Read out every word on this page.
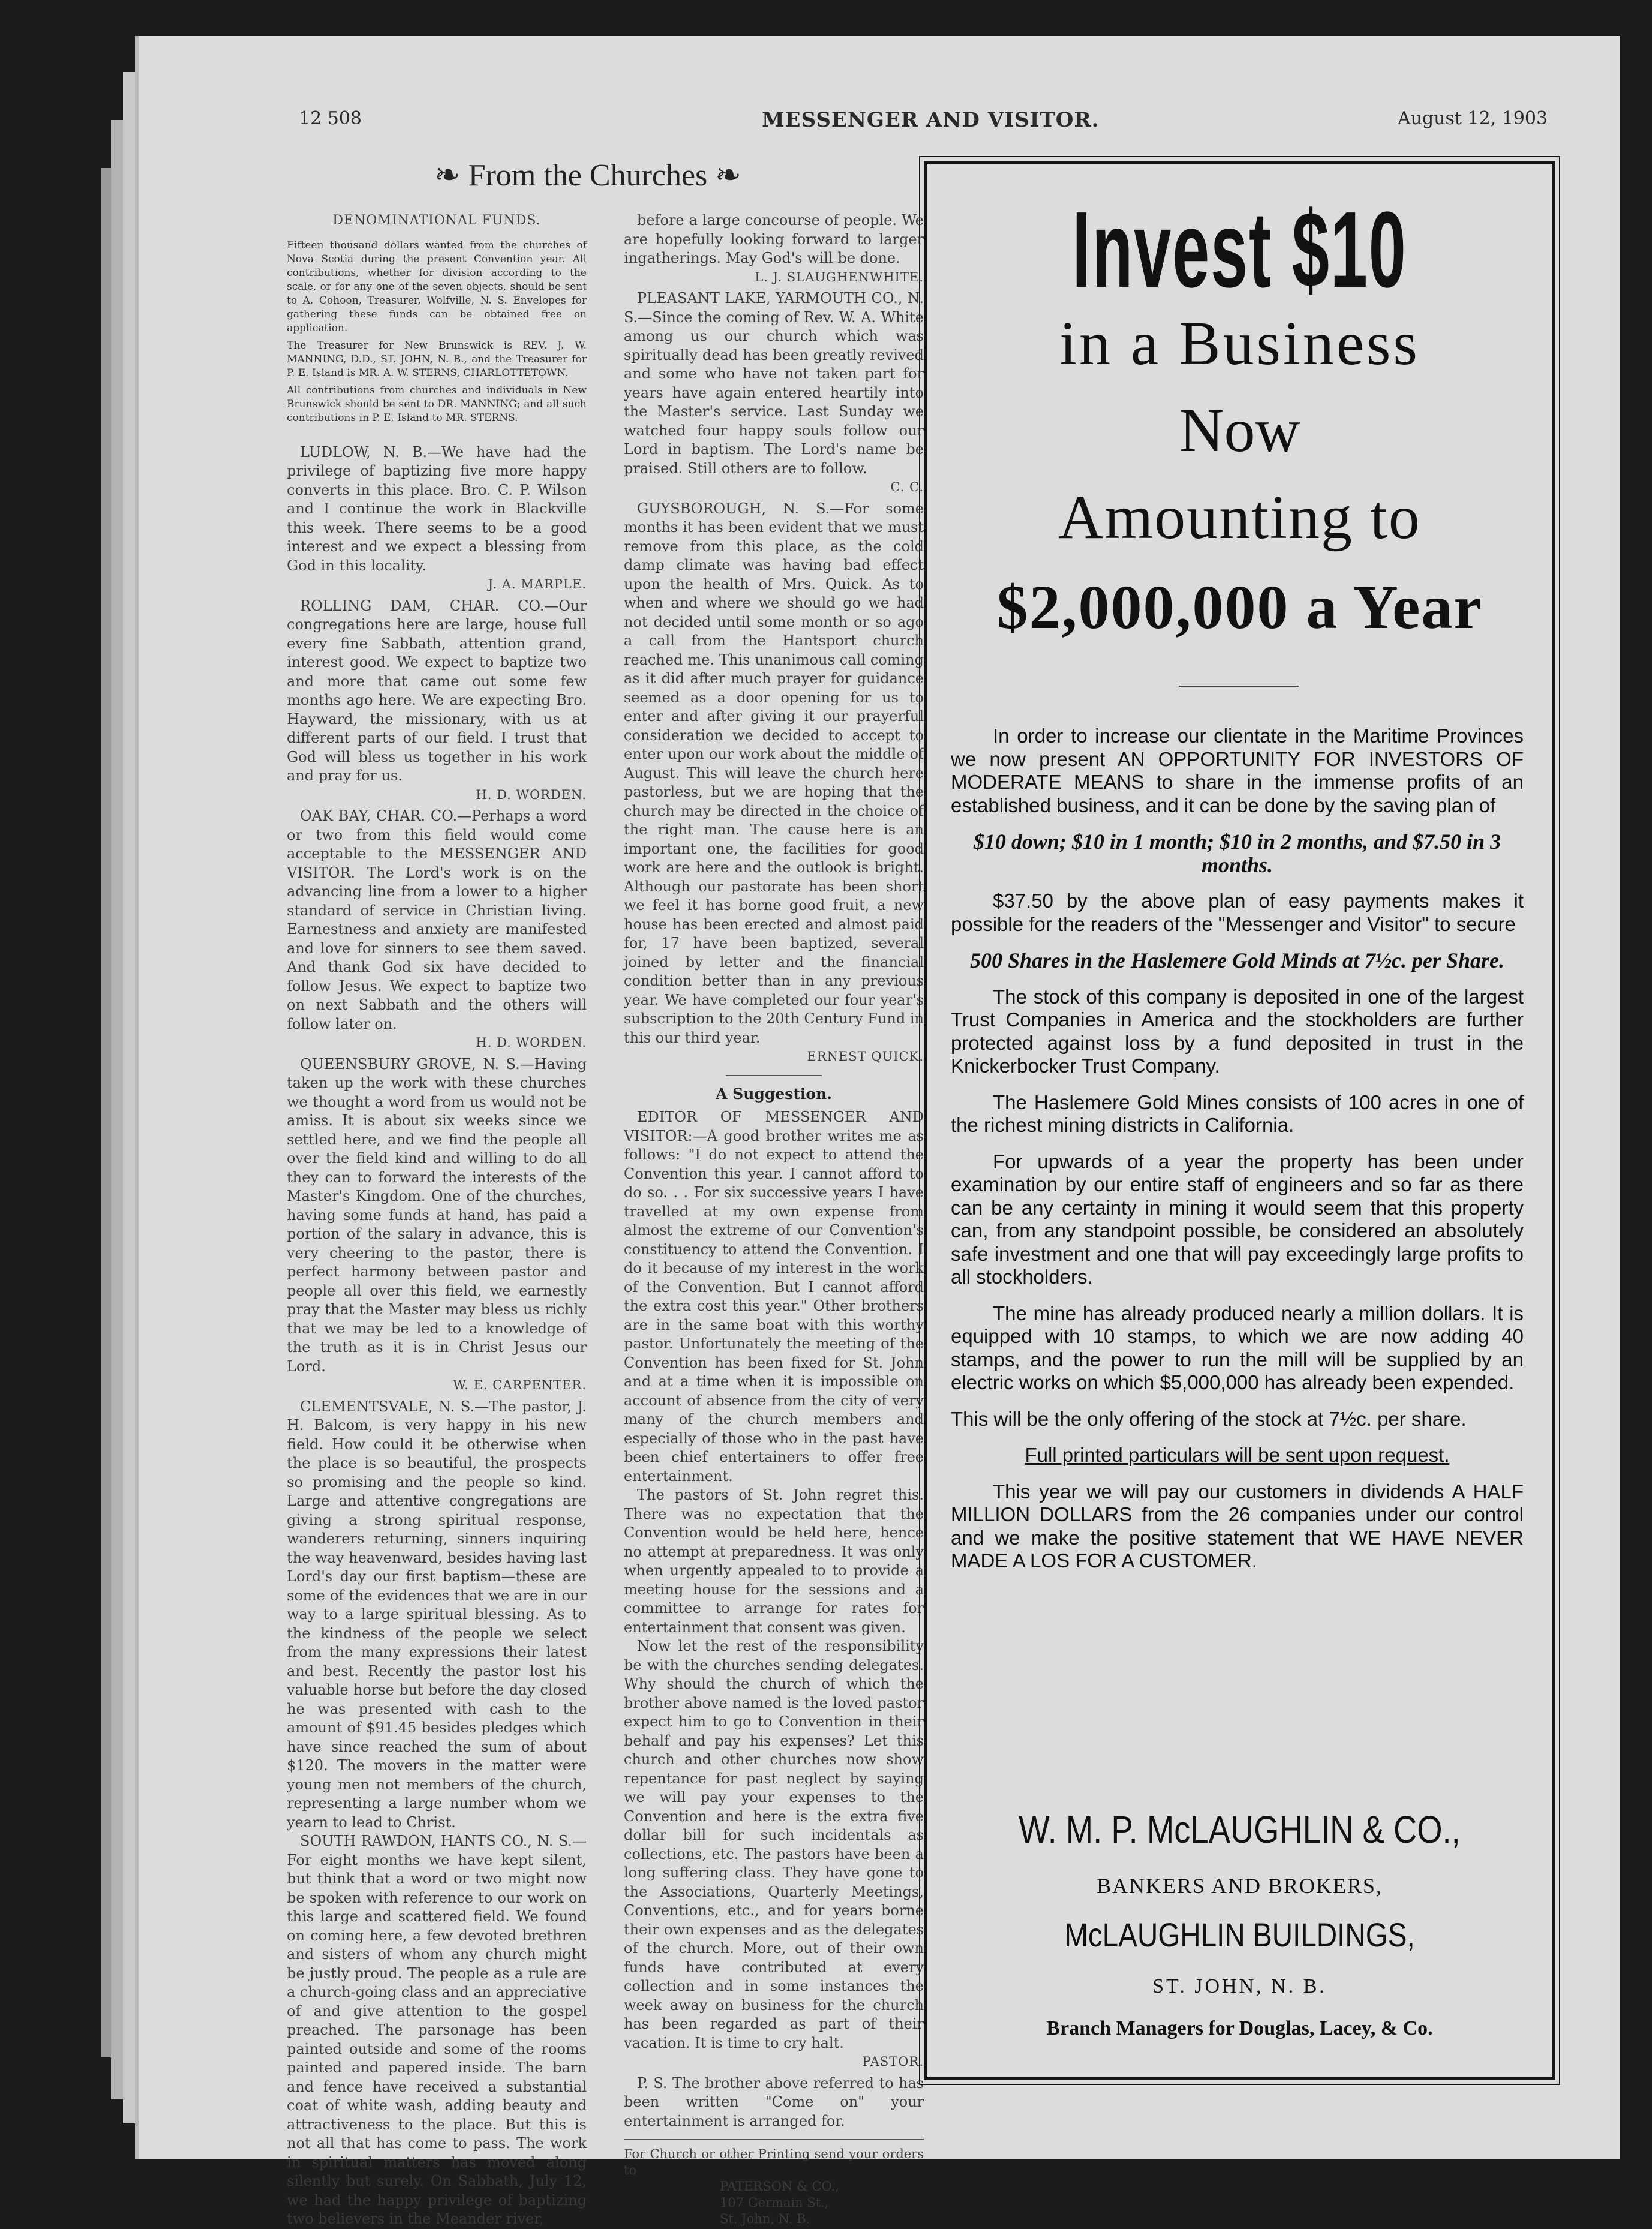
12 508	MESSENGER AND VISITOR.	August 12, 1903
❧ From the Churches ❧
DENOMINATIONAL FUNDS.

Fifteen thousand dollars wanted from the churches of Nova Scotia during the present Convention year. All contributions, whether for division according to the scale, or for any one of the seven objects, should be sent to A. Cohoon, Treasurer, Wolfville, N. S. Envelopes for gathering these funds can be obtained free on application.

The Treasurer for New Brunswick is REV. J. W. MANNING, D.D., ST. JOHN, N. B., and the Treasurer for P. E. Island is MR. A. W. STERNS, CHARLOTTETOWN.

All contributions from churches and individuals in New Brunswick should be sent to DR. MANNING; and all such contributions in P. E. Island to MR. STERNS.

LUDLOW, N. B.—We have had the privilege of baptizing five more happy converts in this place. Bro. C. P. Wilson and I continue the work in Blackville this week. There seems to be a good interest and we expect a blessing from God in this locality.

J. A. MARPLE.

ROLLING DAM, CHAR. CO.—Our congregations here are large, house full every fine Sabbath, attention grand, interest good. We expect to baptize two and more that came out some few months ago here. We are expecting Bro. Hayward, the missionary, with us at different parts of our field. I trust that God will bless us together in his work and pray for us.

H. D. WORDEN.

OAK BAY, CHAR. CO.—Perhaps a word or two from this field would come acceptable to the MESSENGER AND VISITOR. The Lord's work is on the advancing line from a lower to a higher standard of service in Christian living. Earnestness and anxiety are manifested and love for sinners to see them saved. And thank God six have decided to follow Jesus. We expect to baptize two on next Sabbath and the others will follow later on.

H. D. WORDEN.

QUEENSBURY GROVE, N. S.—Having taken up the work with these churches we thought a word from us would not be amiss. It is about six weeks since we settled here, and we find the people all over the field kind and willing to do all they can to forward the interests of the Master's Kingdom. One of the churches, having some funds at hand, has paid a portion of the salary in advance, this is very cheering to the pastor, there is perfect harmony between pastor and people all over this field, we earnestly pray that the Master may bless us richly that we may be led to a knowledge of the truth as it is in Christ Jesus our Lord.

W. E. CARPENTER.

CLEMENTSVALE, N. S.—The pastor, J. H. Balcom, is very happy in his new field. How could it be otherwise when the place is so beautiful, the prospects so promising and the people so kind. Large and attentive congregations are giving a strong spiritual response, wanderers returning, sinners inquiring the way heavenward, besides having last Lord's day our first baptism—these are some of the evidences that we are in our way to a large spiritual blessing. As to the kindness of the people we select from the many expressions their latest and best. Recently the pastor lost his valuable horse but before the day closed he was presented with cash to the amount of $91.45 besides pledges which have since reached the sum of about $120. The movers in the matter were young men not members of the church, representing a large number whom we yearn to lead to Christ.

SOUTH RAWDON, HANTS CO., N. S.—For eight months we have kept silent, but think that a word or two might now be spoken with reference to our work on this large and scattered field. We found on coming here, a few devoted brethren and sisters of whom any church might be justly proud. The people as a rule are a church-going class and an appreciative of and give attention to the gospel preached. The parsonage has been painted outside and some of the rooms painted and papered inside. The barn and fence have received a substantial coat of white wash, adding beauty and attractiveness to the place. But this is not all that has come to pass. The work in spiritual matters has moved along silently but surely. On Sabbath, July 12, we had the happy privilege of baptizing two believers in the Meander river,

before a large concourse of people. We are hopefully looking forward to larger ingatherings. May God's will be done.

L. J. SLAUGHENWHITE.

PLEASANT LAKE, YARMOUTH CO., N. S.—Since the coming of Rev. W. A. White among us our church which was spiritually dead has been greatly revived and some who have not taken part for years have again entered heartily into the Master's service. Last Sunday we watched four happy souls follow our Lord in baptism. The Lord's name be praised. Still others are to follow.

C. C.

GUYSBOROUGH, N. S.—For some months it has been evident that we must remove from this place, as the cold damp climate was having bad effect upon the health of Mrs. Quick. As to when and where we should go we had not decided until some month or so ago a call from the Hantsport church reached me. This unanimous call coming as it did after much prayer for guidance seemed as a door opening for us to enter and after giving it our prayerful consideration we decided to accept to enter upon our work about the middle of August. This will leave the church here pastorless, but we are hoping that the church may be directed in the choice of the right man. The cause here is an important one, the facilities for good work are here and the outlook is bright. Although our pastorate has been short we feel it has borne good fruit, a new house has been erected and almost paid for, 17 have been baptized, several joined by letter and the financial condition better than in any previous year. We have completed our four year's subscription to the 20th Century Fund in this our third year.

ERNEST QUICK.
A Suggestion.

EDITOR OF MESSENGER AND VISITOR:—A good brother writes me as follows: "I do not expect to attend the Convention this year. I cannot afford to do so. . . For six successive years I have travelled at my own expense from almost the extreme of our Convention's constituency to attend the Convention. I do it because of my interest in the work of the Convention. But I cannot afford the extra cost this year." Other brothers are in the same boat with this worthy pastor. Unfortunately the meeting of the Convention has been fixed for St. John and at a time when it is impossible on account of absence from the city of very many of the church members and especially of those who in the past have been chief entertainers to offer free entertainment.

The pastors of St. John regret this. There was no expectation that the Convention would be held here, hence no attempt at preparedness. It was only when urgently appealed to to provide a meeting house for the sessions and a committee to arrange for rates for entertainment that consent was given.

Now let the rest of the responsibility be with the churches sending delegates. Why should the church of which the brother above named is the loved pastor expect him to go to Convention in their behalf and pay his expenses? Let this church and other churches now show repentance for past neglect by saying we will pay your expenses to the Convention and here is the extra five dollar bill for such incidentals as collections, etc. The pastors have been a long suffering class. They have gone to the Associations, Quarterly Meetings, Conventions, etc., and for years borne their own expenses and as the delegates of the church. More, out of their own funds have contributed at every collection and in some instances the week away on business for the church has been regarded as part of their vacation. It is time to cry halt.

PASTOR.

P. S. The brother above referred to has been written "Come on" your entertainment is arranged for.

For Church or other Printing send your orders to
PATERSON & CO.,
107 Germain St.,
St. John, N. B.
Invest $10
in a Business
Now
Amounting to
$2,000,000 a Year

In order to increase our clientate in the Maritime Provinces we now present AN OPPORTUNITY FOR INVESTORS OF MODERATE MEANS to share in the immense profits of an established business, and it can be done by the saving plan of

$10 down; $10 in 1 month; $10 in 2 months, and $7.50 in 3 months.

$37.50 by the above plan of easy payments makes it possible for the readers of the "Messenger and Visitor" to secure

500 Shares in the Haslemere Gold Minds at 7½c. per Share.

The stock of this company is deposited in one of the largest Trust Companies in America and the stockholders are further protected against loss by a fund deposited in trust in the Knickerbocker Trust Company.

The Haslemere Gold Mines consists of 100 acres in one of the richest mining districts in California.

For upwards of a year the property has been under examination by our entire staff of engineers and so far as there can be any certainty in mining it would seem that this property can, from any standpoint possible, be considered an absolutely safe investment and one that will pay exceedingly large profits to all stockholders.

The mine has already produced nearly a million dollars. It is equipped with 10 stamps, to which we are now adding 40 stamps, and the power to run the mill will be supplied by an electric works on which $5,000,000 has already been expended.

This will be the only offering of the stock at 7½c. per share.

Full printed particulars will be sent upon request.

This year we will pay our customers in dividends A HALF MILLION DOLLARS from the 26 companies under our control and we make the positive statement that WE HAVE NEVER MADE A LOS FOR A CUSTOMER.

W. M. P. McLAUGHLIN & CO.,
BANKERS AND BROKERS,
McLAUGHLIN BUILDINGS,
ST. JOHN, N. B.
Branch Managers for Douglas, Lacey, & Co.
